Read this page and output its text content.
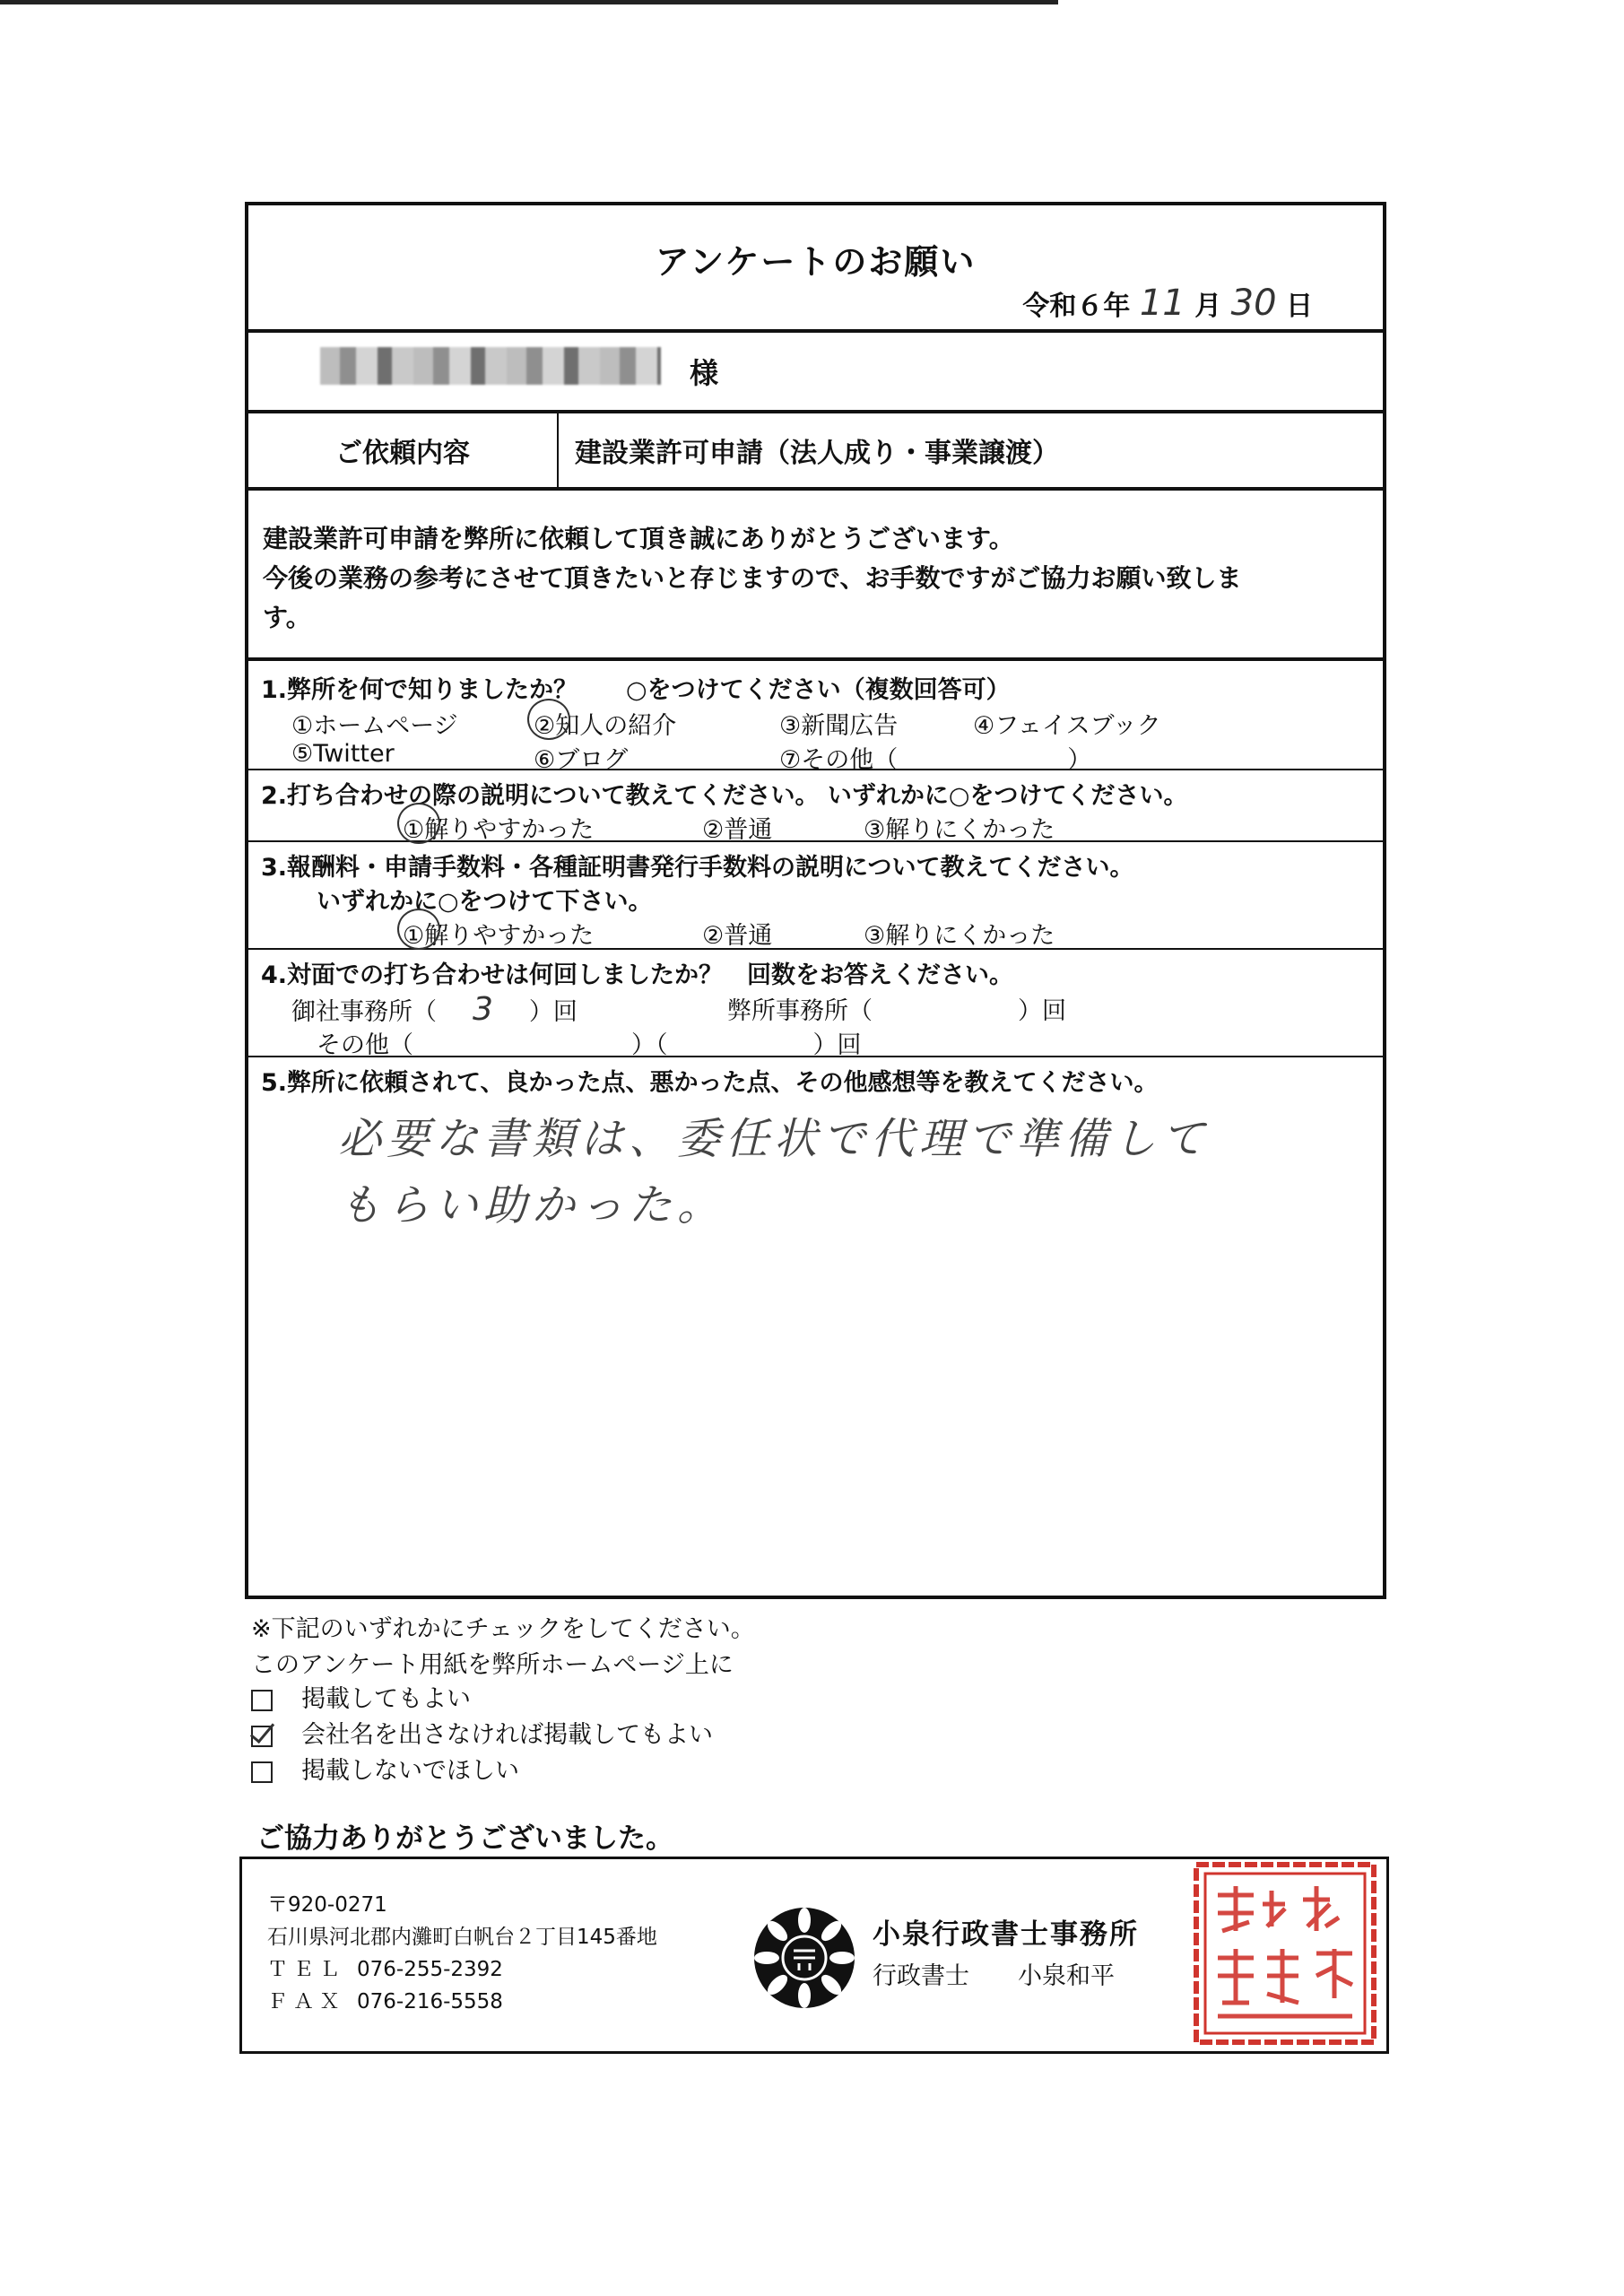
アンケートのお願い
令和６年 11 月 30 日
様
ご依頼内容	建設業許可申請（法人成り・事業譲渡）
建設業許可申請を弊所に依頼して頂き誠にありがとうございます。
今後の業務の参考にさせて頂きたいと存じますので、お手数ですがご協力お願い致しま
す。
1.弊所を何で知りましたか？　　○をつけてください（複数回答可）
①ホームページ	②知人の紹介	③新聞広告	④フェイスブック
⑤Twitter	⑥ブログ	⑦その他（　　　　　　　）
2.打ち合わせの際の説明について教えてください。 いずれかに○をつけてください。
①解りやすかった	②普通	③解りにくかった
3.報酬料・申請手数料・各種証明書発行手数料の説明について教えてください。
いずれかに○をつけて下さい。
①解りやすかった	②普通	③解りにくかった
4.対面での打ち合わせは何回しましたか？　回数をお答えください。
御社事務所（ 3 ）回	弊所事務所（　　　　　　）回
その他（　　　　　　　　　）（　　　　　　）回
5.弊所に依頼されて、良かった点、悪かった点、その他感想等を教えてください。
必要な書類は、委任状で代理で準備して
もらい助かった。
※下記のいずれかにチェックをしてください。
このアンケート用紙を弊所ホームページ上に
掲載してもよい
会社名を出さなければ掲載してもよい
掲載しないでほしい
ご協力ありがとうございました。
〒920-0271
石川県河北郡内灘町白帆台２丁目145番地
ＴＥＬ 076-255-2392
ＦＡＸ 076-216-5558
小泉行政書士事務所
行政書士　　 小泉和平
